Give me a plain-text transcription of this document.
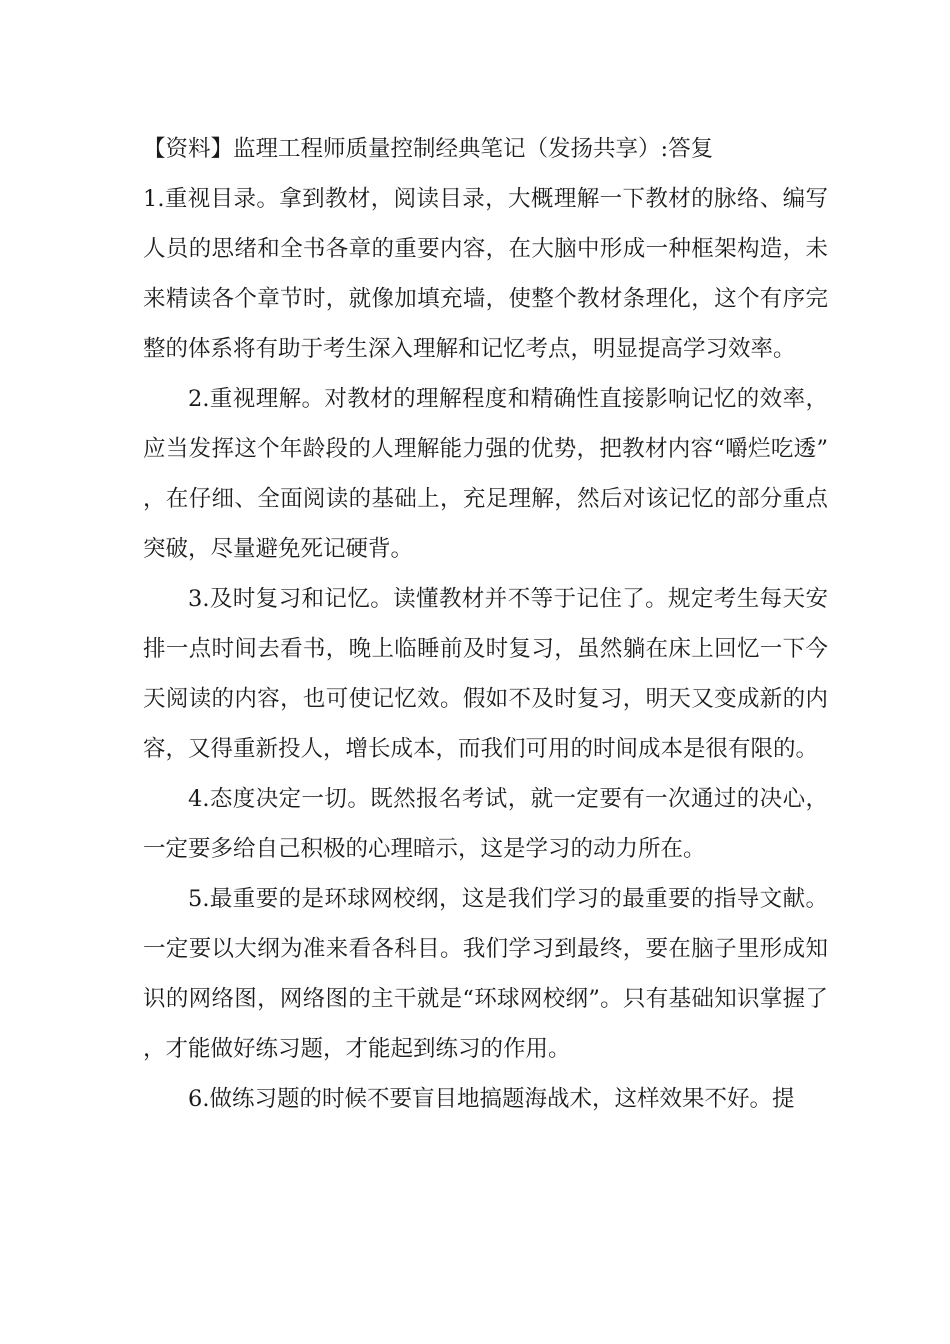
【资料】监理工程师质量控制经典笔记（发扬共享）:答复

1.重视目录。拿到教材，阅读目录，大概理解一下教材的脉络、编写人员的思绪和全书各章的重要内容，在大脑中形成一种框架构造，未来精读各个章节时，就像加填充墙，使整个教材条理化，这个有序完整的体系将有助于考生深入理解和记忆考点，明显提高学习效率。

2.重视理解。对教材的理解程度和精确性直接影响记忆的效率，应当发挥这个年龄段的人理解能力强的优势，把教材内容“嚼烂吃透”，在仔细、全面阅读的基础上，充足理解，然后对该记忆的部分重点突破，尽量避免死记硬背。

3.及时复习和记忆。读懂教材并不等于记住了。规定考生每天安排一点时间去看书，晚上临睡前及时复习，虽然躺在床上回忆一下今天阅读的内容，也可使记忆效。假如不及时复习，明天又变成新的内容，又得重新投人，增长成本，而我们可用的时间成本是很有限的。

4.态度决定一切。既然报名考试，就一定要有一次通过的决心，一定要多给自己积极的心理暗示，这是学习的动力所在。

5.最重要的是环球网校纲，这是我们学习的最重要的指导文献。一定要以大纲为准来看各科目。我们学习到最终，要在脑子里形成知识的网络图，网络图的主干就是“环球网校纲”。只有基础知识掌握了，才能做好练习题，才能起到练习的作用。

6.做练习题的时候不要盲目地搞题海战术，这样效果不好。提
